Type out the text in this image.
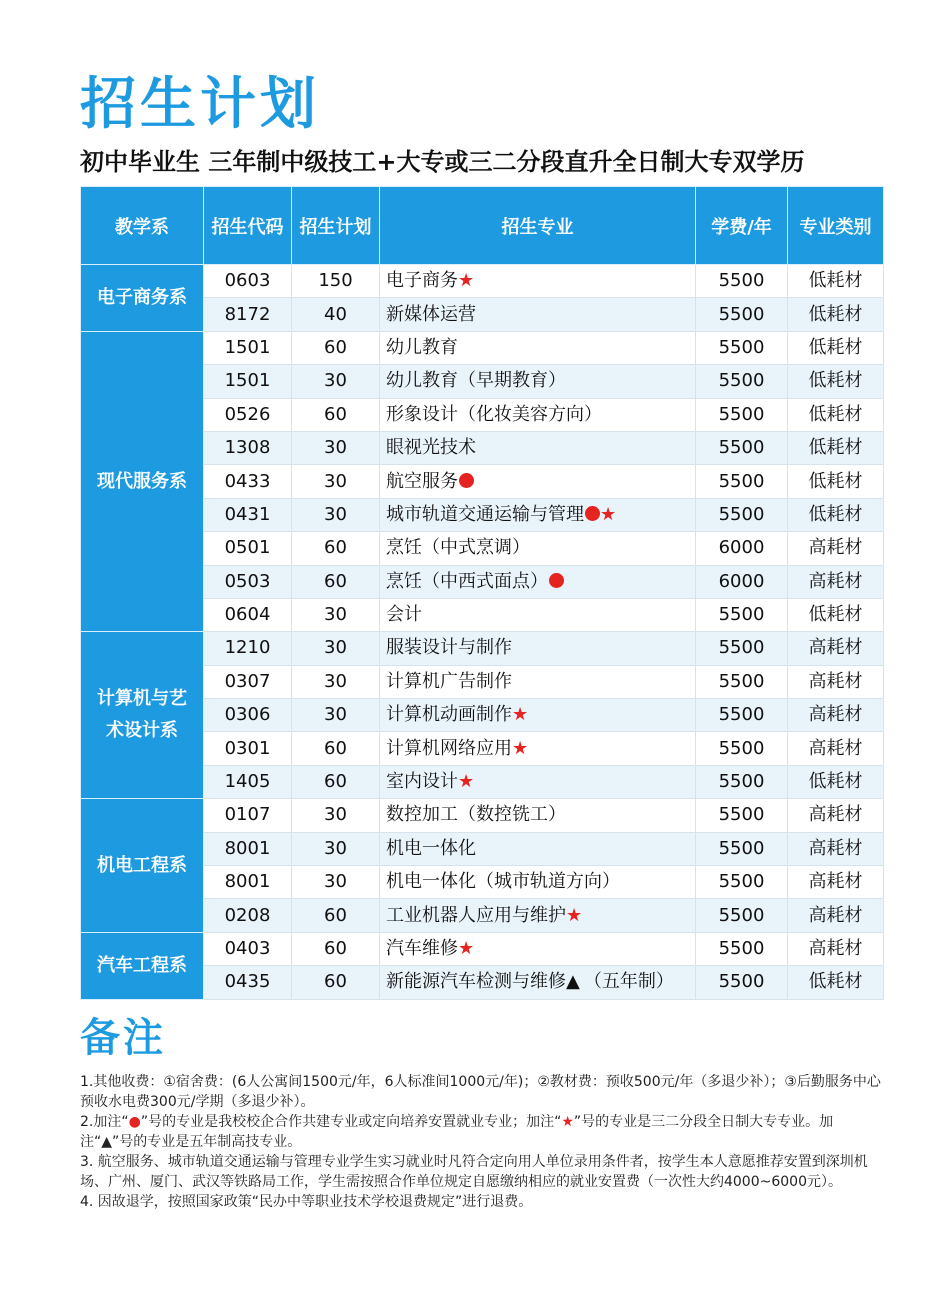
招生计划
初中毕业生 三年制中级技工+大专或三二分段直升全日制大专双学历
教学系	招生代码	招生计划	招生专业	学费/年	专业类别
电子商务系	0603	150	电子商务★	5500	低耗材
	8172	40	新媒体运营	5500	低耗材
现代服务系	1501	60	幼儿教育	5500	低耗材
	1501	30	幼儿教育（早期教育）	5500	低耗材
	0526	60	形象设计（化妆美容方向）	5500	低耗材
	1308	30	眼视光技术	5500	低耗材
	0433	30	航空服务	5500	低耗材
	0431	30	城市轨道交通运输与管理 ★	5500	低耗材
	0501	60	烹饪（中式烹调）	6000	高耗材
	0503	60	烹饪（中西式面点）	6000	高耗材
	0604	30	会计	5500	低耗材
计算机与艺术设计系	1210	30	服装设计与制作	5500	高耗材
	0307	30	计算机广告制作	5500	高耗材
	0306	30	计算机动画制作★	5500	高耗材
	0301	60	计算机网络应用★	5500	高耗材
	1405	60	室内设计★	5500	低耗材
机电工程系	0107	30	数控加工（数控铣工）	5500	高耗材
	8001	30	机电一体化	5500	高耗材
	8001	30	机电一体化（城市轨道方向）	5500	高耗材
	0208	60	工业机器人应用与维护★	5500	高耗材
汽车工程系	0403	60	汽车维修★	5500	高耗材
	0435	60	新能源汽车检测与维修▲ （五年制）	5500	低耗材
备注

1.其他收费：①宿舍费：(6人公寓间1500元/年，6人标准间1000元/年)；②教材费：预收500元/年（多退少补）；③后勤服务中心预收水电费300元/学期（多退少补）。

2.加注“●”号的专业是我校校企合作共建专业或定向培养安置就业专业；加注“★”号的专业是三二分段全日制大专专业。加注“▲”号的专业是五年制高技专业。

3. 航空服务、城市轨道交通运输与管理专业学生实习就业时凡符合定向用人单位录用条件者，按学生本人意愿推荐安置到深圳机场、广州、厦门、武汉等铁路局工作，学生需按照合作单位规定自愿缴纳相应的就业安置费（一次性大约4000~6000元）。

4. 因故退学，按照国家政策“民办中等职业技术学校退费规定”进行退费。
